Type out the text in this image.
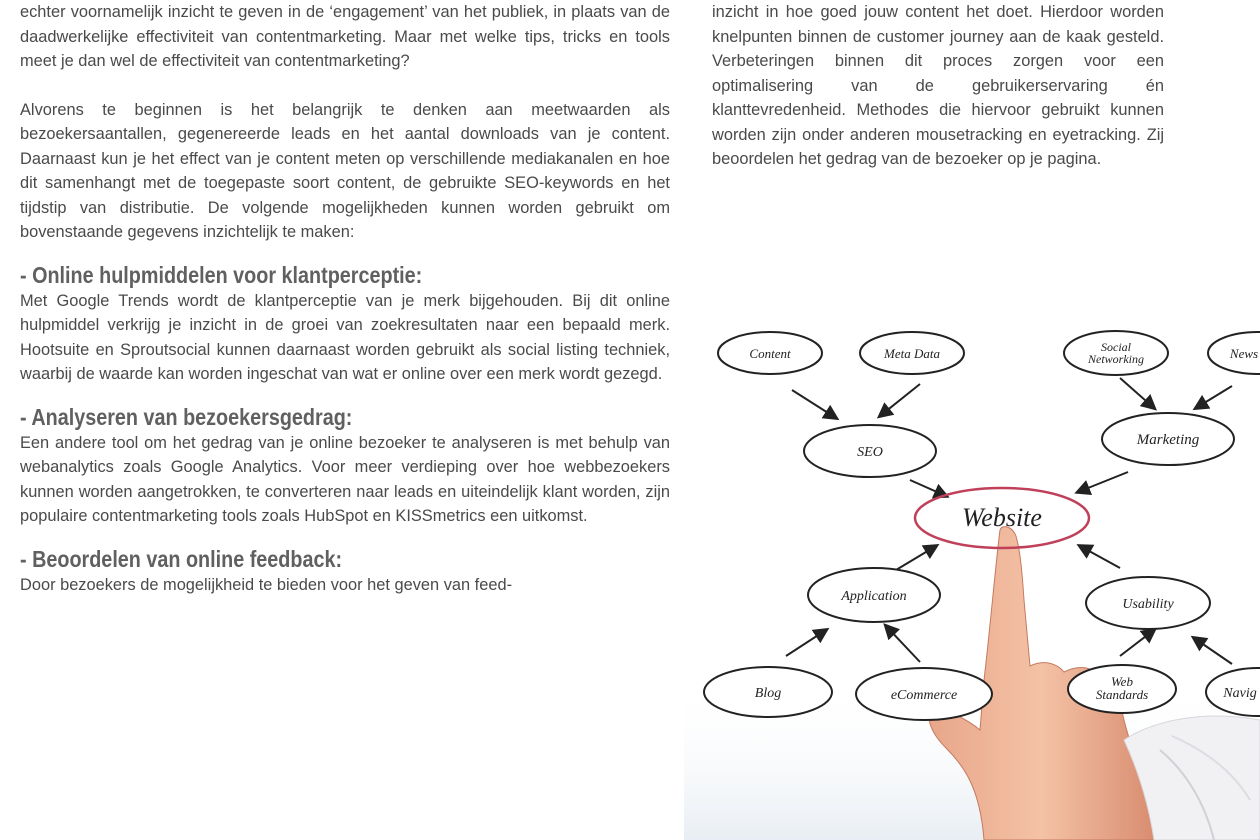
echter voornamelijk inzicht te geven in de ‘engagement’ van het publiek, in plaats van de daadwerkelijke effectiviteit van contentmarketing. Maar met welke tips, tricks en tools meet je dan wel de effectiviteit van contentmarketing?

Alvorens te beginnen is het belangrijk te denken aan meetwaarden als bezoekersaantallen, gegenereerde leads en het aantal downloads van je content. Daarnaast kun je het effect van je content meten op verschillende mediakanalen en hoe dit samenhangt met de toegepaste soort content, de gebruikte SEO-keywords en het tijdstip van distributie. De volgende mogelijkheden kunnen worden gebruikt om bovenstaande gegevens inzichtelijk te maken:

- Online hulpmiddelen voor klantperceptie:

Met Google Trends wordt de klantperceptie van je merk bijgehouden. Bij dit online hulpmiddel verkrijg je inzicht in de groei van zoekresultaten naar een bepaald merk. Hootsuite en Sproutsocial kunnen daarnaast worden gebruikt als social listing techniek, waarbij de waarde kan worden ingeschat van wat er online over een merk wordt gezegd.

- Analyseren van bezoekersgedrag:

Een andere tool om het gedrag van je online bezoeker te analyseren is met behulp van webanalytics zoals Google Analytics. Voor meer verdieping over hoe webbezoekers kunnen worden aangetrokken, te converteren naar leads en uiteindelijk klant worden, zijn populaire contentmarketing tools zoals HubSpot en KISSmetrics een uitkomst.

- Beoordelen van online feedback:

Door bezoekers de mogelijkheid te bieden voor het geven van feed-

inzicht in hoe goed jouw content het doet. Hierdoor worden knelpunten binnen de customer journey aan de kaak gesteld. Verbeteringen binnen dit proces zorgen voor een optimalisering van de gebruikerservaring én klanttevredenheid. Methodes die hiervoor gebruikt kunnen worden zijn onder anderen mousetracking en eyetracking. Zij beoordelen het gedrag van de bezoeker op je pagina.

Content	Meta Data	Social
Networking	News
SEO
Marketing
Website
Application
Usability
Blog	eCommerce
Web
Standards	Navig
